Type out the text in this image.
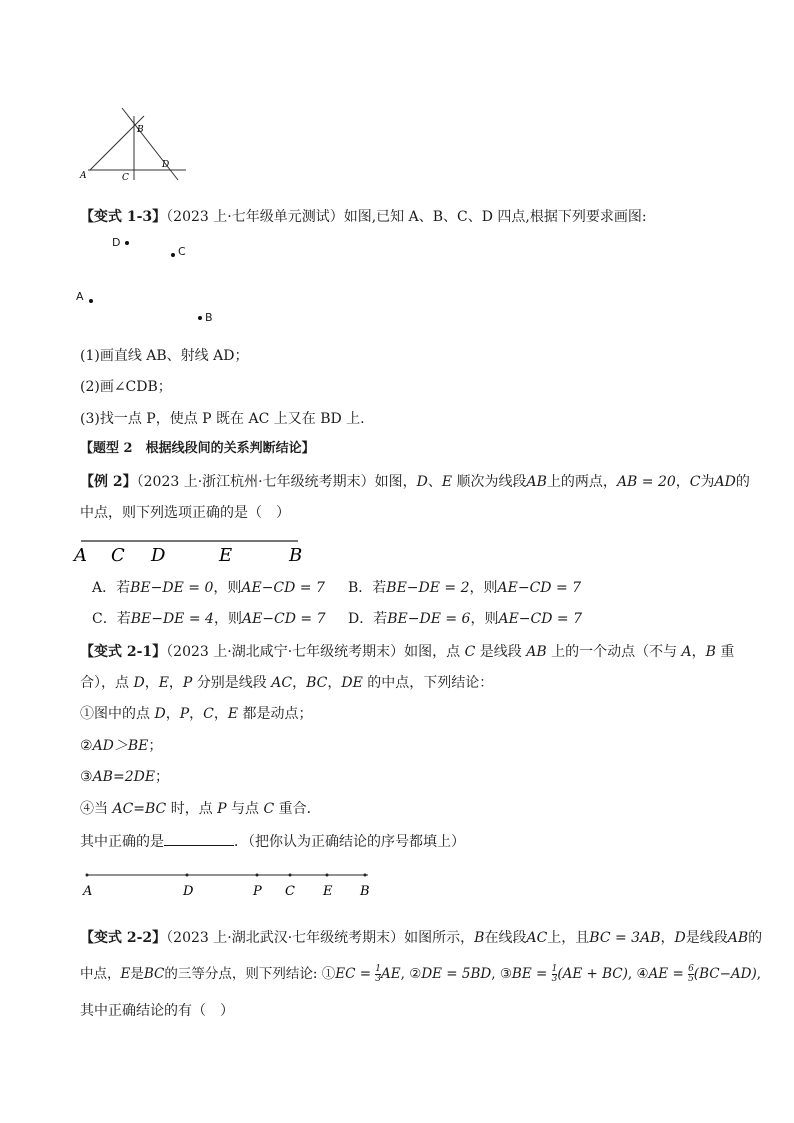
A
B
C
D
【变式 1-3】（2023 上·七年级单元测试）如图,已知 A、B、C、D 四点,根据下列要求画图:
D
C
A
B
(1)画直线 AB、射线 AD；
(2)画∠CDB；
(3)找一点 P，使点 P 既在 AC 上又在 BD 上.
【题型 2　根据线段间的关系判断结论】
【例 2】（2023 上·浙江杭州·七年级统考期末）如图，D、E 顺次为线段AB上的两点，AB = 20，C为AD的
中点，则下列选项正确的是（　）
A C D	E	B
A．若BE−DE = 0，则AE−CD = 7 B．若BE−DE = 2，则AE−CD = 7
C．若BE−DE = 4，则AE−CD = 7 D．若BE−DE = 6，则AE−CD = 7
【变式 2-1】（2023 上·湖北咸宁·七年级统考期末）如图，点 C 是线段 AB 上的一个动点（不与 A，B 重
合），点 D，E，P 分别是线段 AC，BC，DE 的中点，下列结论：
①图中的点 D，P，C，E 都是动点；
②AD＞BE；
③AB=2DE；
④当 AC=BC 时，点 P 与点 C 重合．
其中正确的是	．（把你认为正确结论的序号都填上）
A	D	P C E B
【变式 2-2】（2023 上·湖北武汉·七年级统考期末）如图所示，B在线段AC上，且BC = 3AB，D是线段AB的
中点，E是BC的三等分点，则下列结论: ①EC = $\frac{1}{3}$ AE, ②DE = 5BD, ③BE = $\frac{1}{3} (AE + BC)$, ④AE = $\frac{6}{5} (BC-AD)$,
其中正确结论的有（　）
